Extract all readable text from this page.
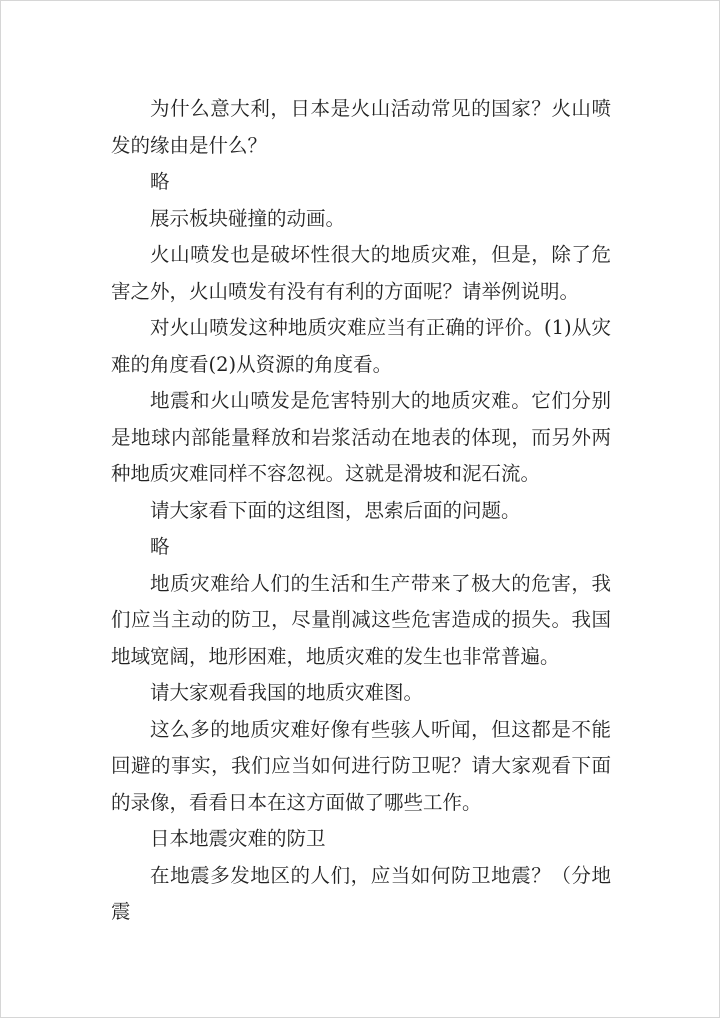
为什么意大利，日本是火山活动常见的国家？火山喷发的缘由是什么？

略

展示板块碰撞的动画。

火山喷发也是破坏性很大的地质灾难，但是，除了危害之外，火山喷发有没有有利的方面呢？请举例说明。

对火山喷发这种地质灾难应当有正确的评价。(1)从灾难的角度看(2)从资源的角度看。

地震和火山喷发是危害特别大的地质灾难。它们分别是地球内部能量释放和岩浆活动在地表的体现，而另外两种地质灾难同样不容忽视。这就是滑坡和泥石流。

请大家看下面的这组图，思索后面的问题。

略

地质灾难给人们的生活和生产带来了极大的危害，我们应当主动的防卫，尽量削减这些危害造成的损失。我国地域宽阔，地形困难，地质灾难的发生也非常普遍。

请大家观看我国的地质灾难图。

这么多的地质灾难好像有些骇人听闻，但这都是不能回避的事实，我们应当如何进行防卫呢？请大家观看下面的录像，看看日本在这方面做了哪些工作。

日本地震灾难的防卫

在地震多发地区的人们，应当如何防卫地震？（分地震
